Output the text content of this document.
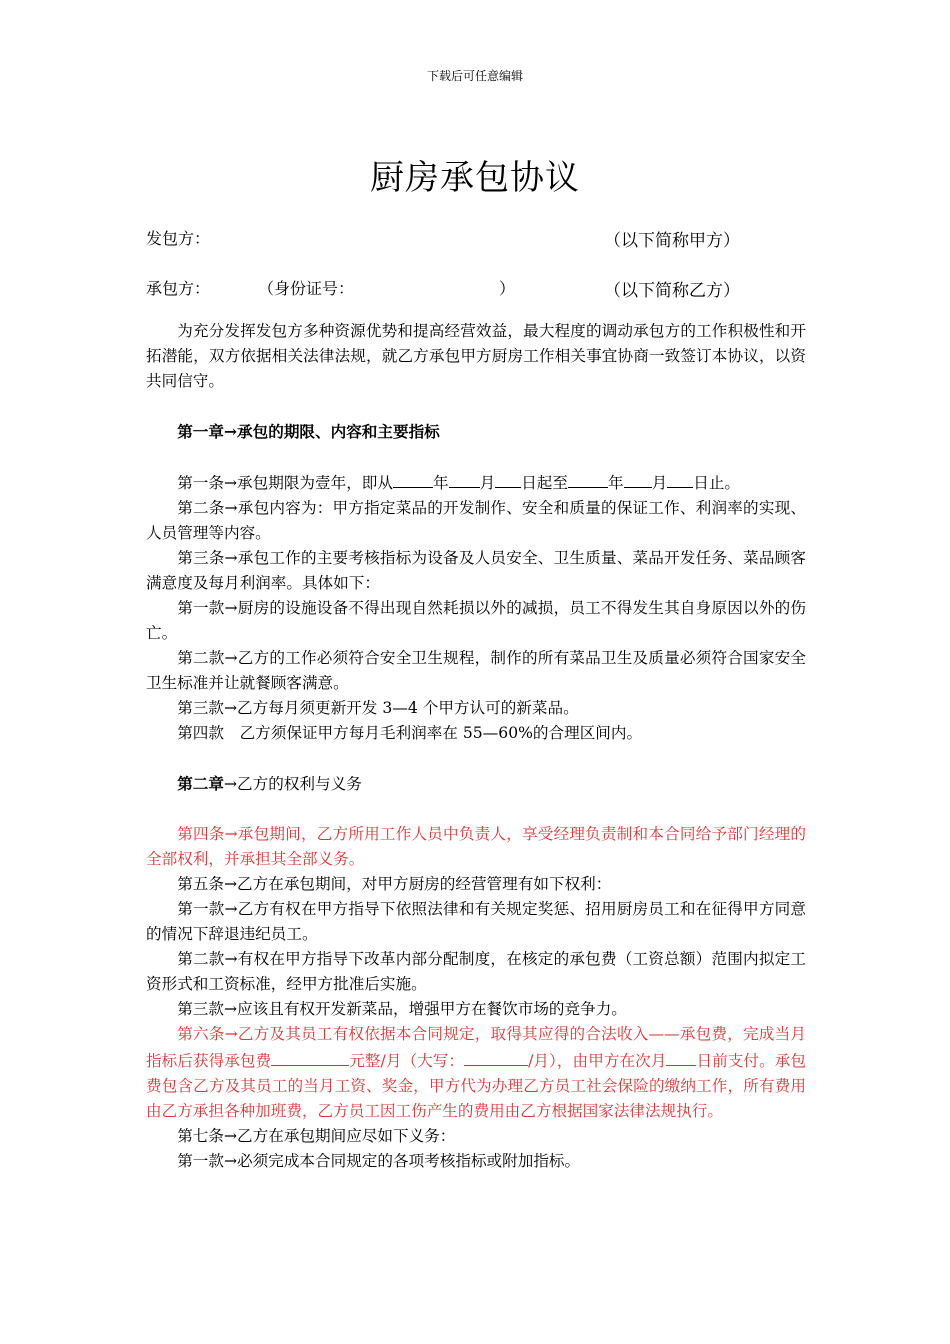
下载后可任意编辑
厨房承包协议
发包方：	（以下简称甲方）
承包方：	（身份证号：	）	（以下简称乙方）

为充分发挥发包方多种资源优势和提高经营效益，最大程度的调动承包方的工作积极性和开拓潜能，双方依据相关法律法规，就乙方承包甲方厨房工作相关事宜协商一致签订本协议，以资共同信守。

第一章→承包的期限、内容和主要指标

第一条→承包期限为壹年，即从	年 月 日起至	年 月 日止。

第二条→承包内容为：甲方指定菜品的开发制作、安全和质量的保证工作、利润率的实现、人员管理等内容。

第三条→承包工作的主要考核指标为设备及人员安全、卫生质量、菜品开发任务、菜品顾客满意度及每月利润率。具体如下：

第一款→厨房的设施设备不得出现自然耗损以外的减损，员工不得发生其自身原因以外的伤亡。

第二款→乙方的工作必须符合安全卫生规程，制作的所有菜品卫生及质量必须符合国家安全卫生标准并让就餐顾客满意。

第三款→乙方每月须更新开发 3—4 个甲方认可的新菜品。

第四款　乙方须保证甲方每月毛利润率在 55—60%的合理区间内。

第二章→乙方的权利与义务

第四条→承包期间，乙方所用工作人员中负责人，享受经理负责制和本合同给予部门经理的全部权利，并承担其全部义务。

第五条→乙方在承包期间，对甲方厨房的经营管理有如下权利：

第一款→乙方有权在甲方指导下依照法律和有关规定奖惩、招用厨房员工和在征得甲方同意的情况下辞退违纪员工。

第二款→有权在甲方指导下改革内部分配制度，在核定的承包费（工资总额）范围内拟定工资形式和工资标准，经甲方批准后实施。

第三款→应该且有权开发新菜品，增强甲方在餐饮市场的竞争力。

第六条→乙方及其员工有权依据本合同规定，取得其应得的合法收入——承包费，完成当月指标后获得承包费	元整/月（大写：	/月），由甲方在次月 日前支付。承包费包含乙方及其员工的当月工资、奖金，甲方代为办理乙方员工社会保险的缴纳工作，所有费用由乙方承担各种加班费，乙方员工因工伤产生的费用由乙方根据国家法律法规执行。

第七条→乙方在承包期间应尽如下义务：

第一款→必须完成本合同规定的各项考核指标或附加指标。
